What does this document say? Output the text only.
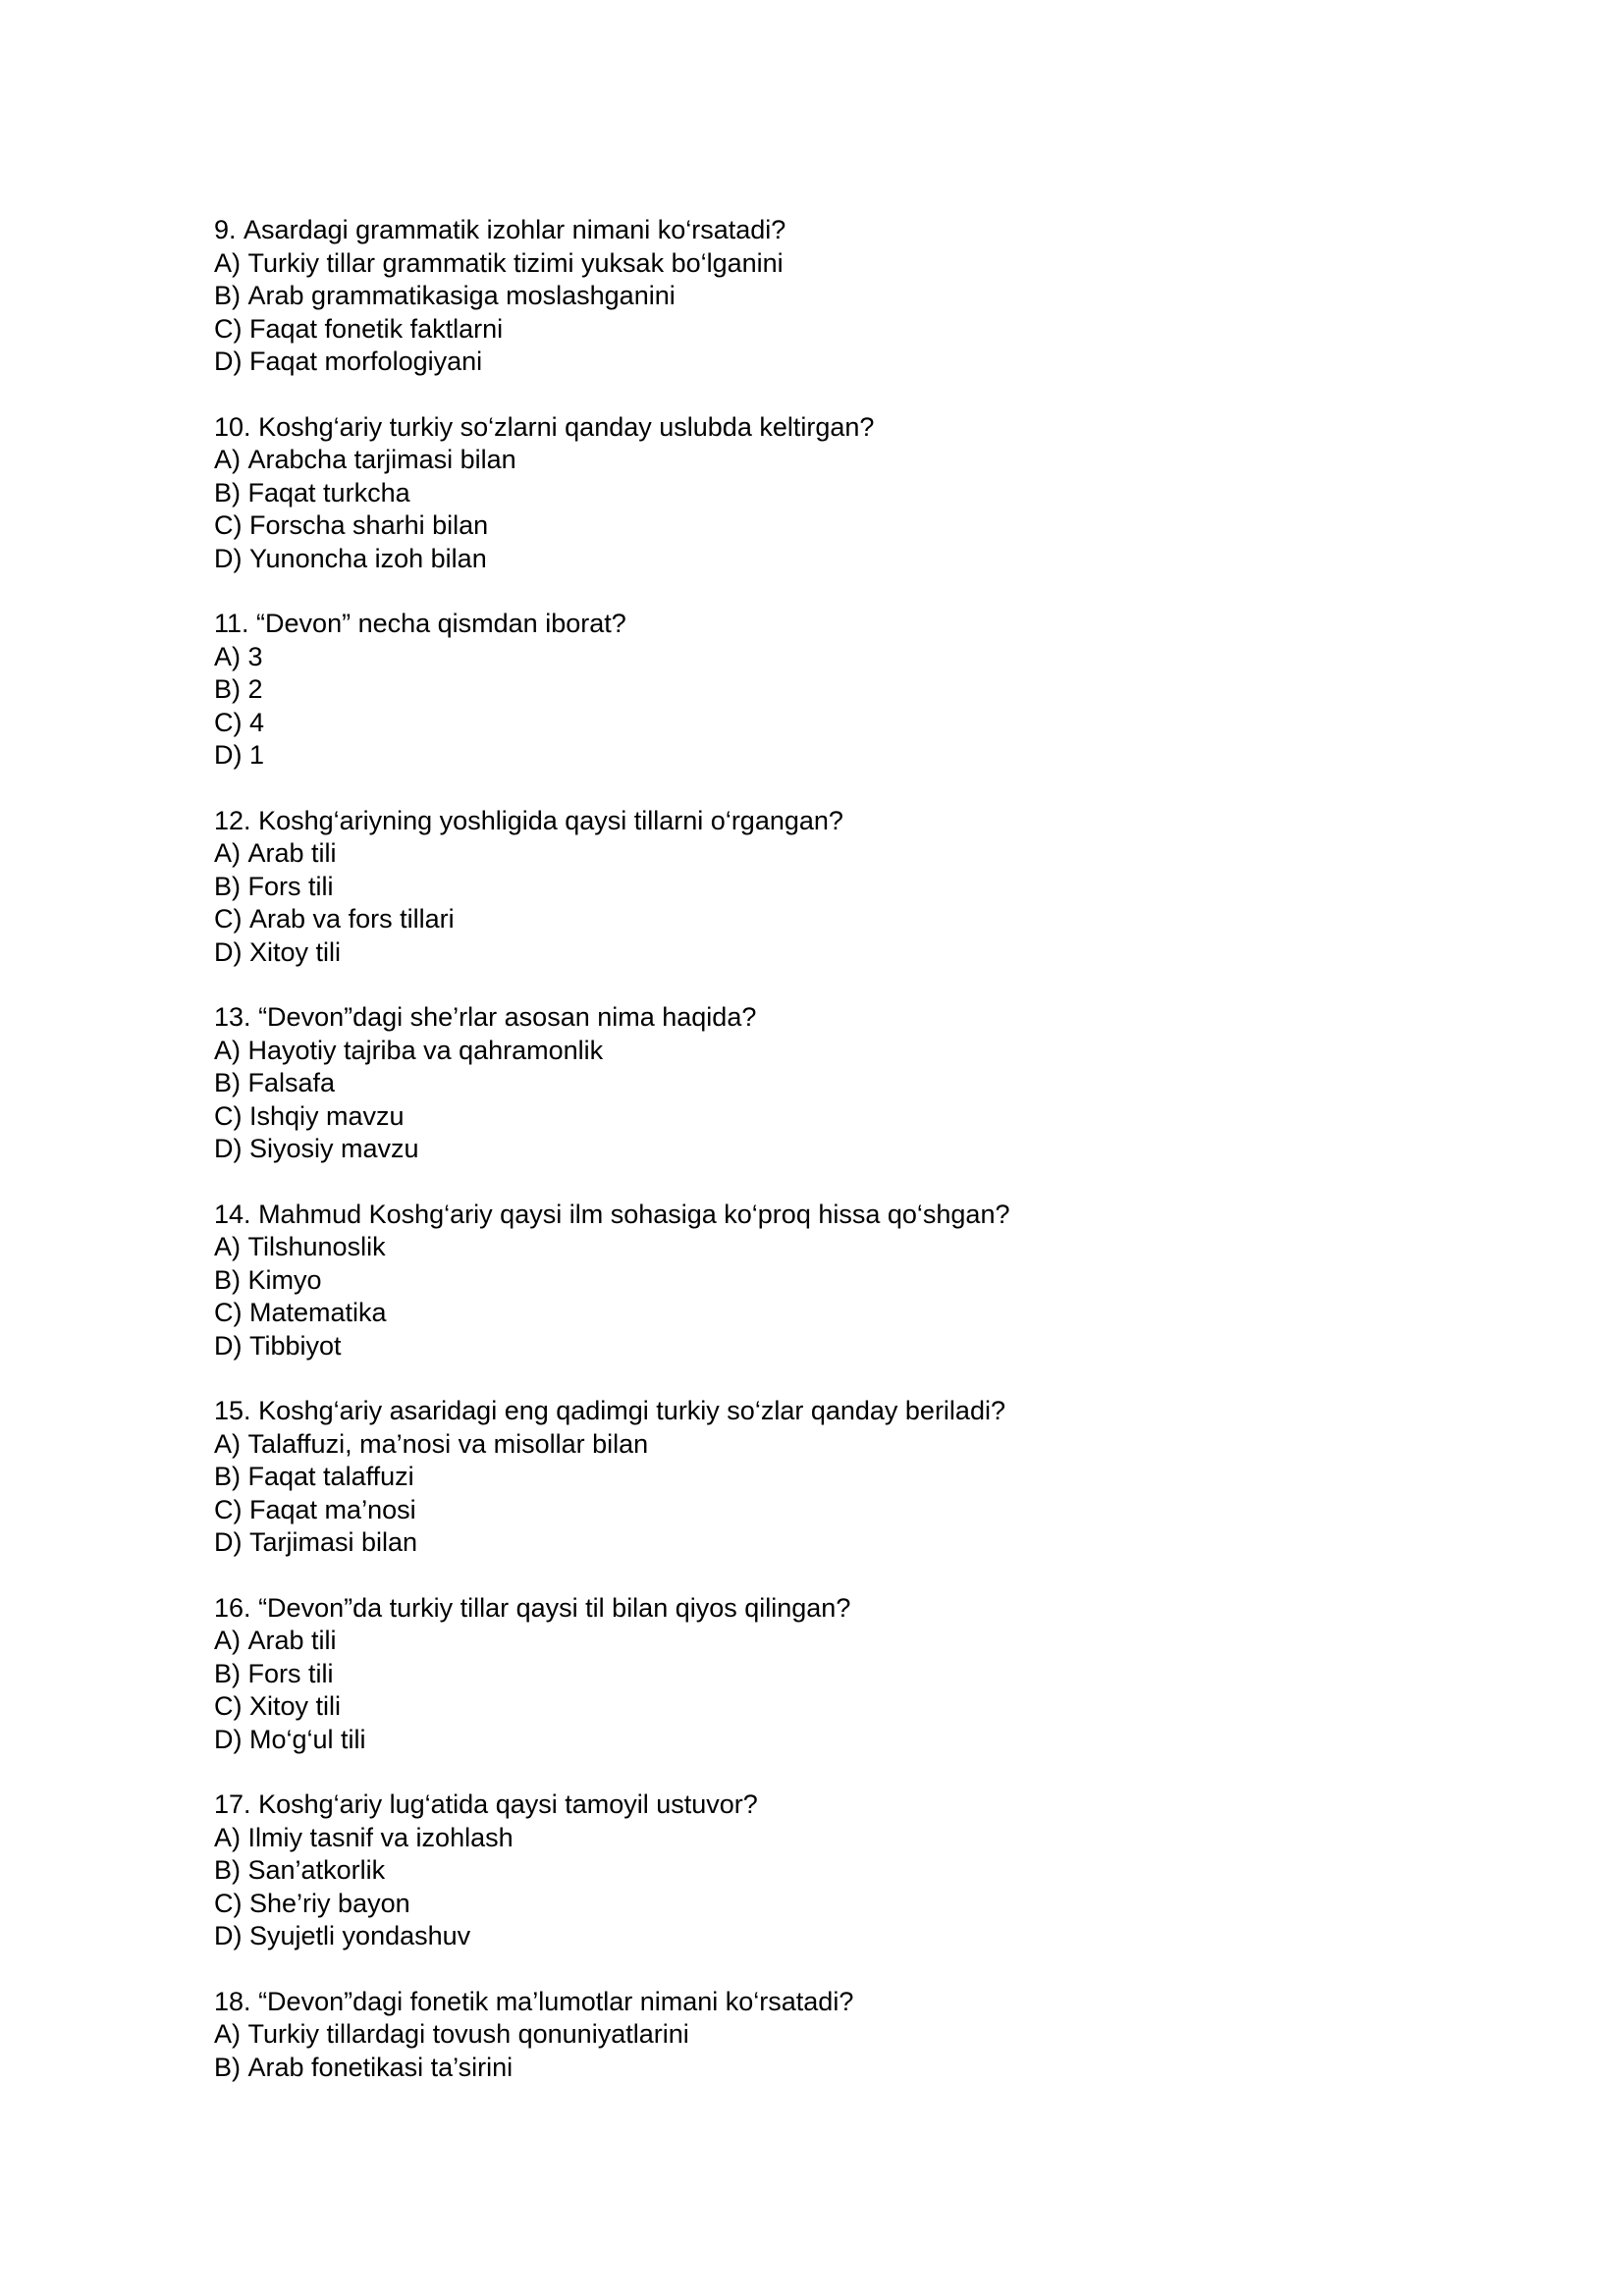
9.
Asardagi grammatik izohlar nimani ko‘rsatadi?
A)
Turkiy tillar grammatik tizimi yuksak bo‘lganini
B)
Arab grammatikasiga moslashganini
C)
Faqat fonetik faktlarni
D)
Faqat morfologiyani
10.
Koshg‘ariy turkiy so‘zlarni qanday uslubda keltirgan?
A)
Arabcha tarjimasi bilan
B)
Faqat turkcha
C)
Forscha sharhi bilan
D)
Yunoncha izoh bilan
11.
“Devon” necha qismdan iborat?
A)
3
B)
2
C)
4
D)
1
12.
Koshg‘ariyning yoshligida qaysi tillarni o‘rgangan?
A)
Arab tili
B)
Fors tili
C)
Arab va fors tillari
D)
Xitoy tili
13.
“Devon”dagi she’rlar asosan nima haqida?
A)
Hayotiy tajriba va qahramonlik
B)
Falsafa
C)
Ishqiy mavzu
D)
Siyosiy mavzu
14.
Mahmud Koshg‘ariy qaysi ilm sohasiga ko‘proq hissa qo‘shgan?
A)
Tilshunoslik
B)
Kimyo
C)
Matematika
D)
Tibbiyot
15.
Koshg‘ariy asaridagi eng qadimgi turkiy so‘zlar qanday beriladi?
A)
Talaffuzi, ma’nosi va misollar bilan
B)
Faqat talaffuzi
C)
Faqat ma’nosi
D)
Tarjimasi bilan
16.
“Devon”da turkiy tillar qaysi til bilan qiyos qilingan?
A)
Arab tili
B)
Fors tili
C)
Xitoy tili
D)
Mo‘g‘ul tili
17.
Koshg‘ariy lug‘atida qaysi tamoyil ustuvor?
A)
Ilmiy tasnif va izohlash
B)
San’atkorlik
C)
She’riy bayon
D)
Syujetli yondashuv
18.
“Devon”dagi fonetik ma’lumotlar nimani ko‘rsatadi?
A)
Turkiy tillardagi tovush qonuniyatlarini
B)
Arab fonetikasi ta’sirini
